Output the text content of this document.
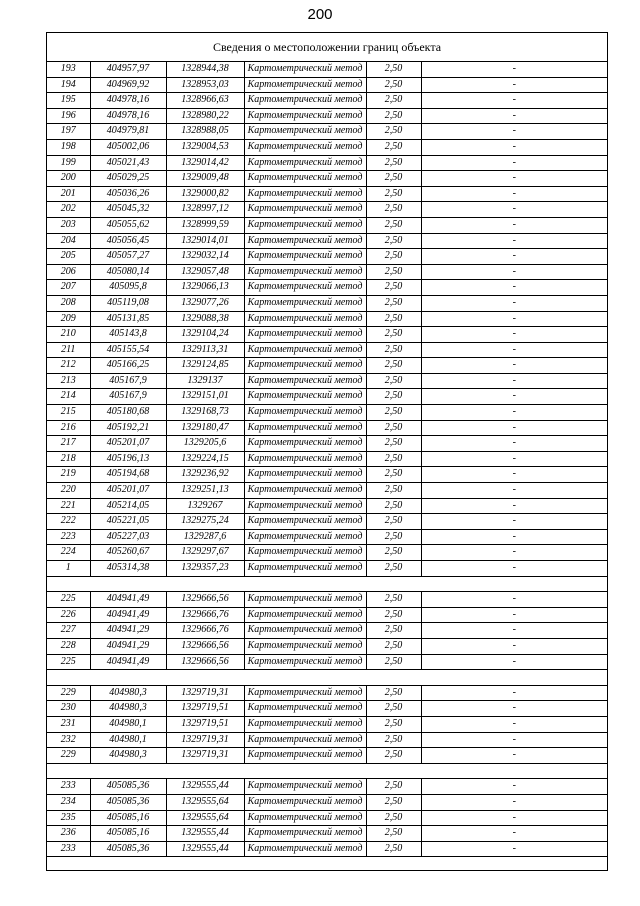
200
Сведения о местоположении границ объекта
193	404957,97	1328944,38	Картометрический метод	2,50	-
194	404969,92	1328953,03	Картометрический метод	2,50	-
195	404978,16	1328966,63	Картометрический метод	2,50	-
196	404978,16	1328980,22	Картометрический метод	2,50	-
197	404979,81	1328988,05	Картометрический метод	2,50	-
198	405002,06	1329004,53	Картометрический метод	2,50	-
199	405021,43	1329014,42	Картометрический метод	2,50	-
200	405029,25	1329009,48	Картометрический метод	2,50	-
201	405036,26	1329000,82	Картометрический метод	2,50	-
202	405045,32	1328997,12	Картометрический метод	2,50	-
203	405055,62	1328999,59	Картометрический метод	2,50	-
204	405056,45	1329014,01	Картометрический метод	2,50	-
205	405057,27	1329032,14	Картометрический метод	2,50	-
206	405080,14	1329057,48	Картометрический метод	2,50	-
207	405095,8	1329066,13	Картометрический метод	2,50	-
208	405119,08	1329077,26	Картометрический метод	2,50	-
209	405131,85	1329088,38	Картометрический метод	2,50	-
210	405143,8	1329104,24	Картометрический метод	2,50	-
211	405155,54	1329113,31	Картометрический метод	2,50	-
212	405166,25	1329124,85	Картометрический метод	2,50	-
213	405167,9	1329137	Картометрический метод	2,50	-
214	405167,9	1329151,01	Картометрический метод	2,50	-
215	405180,68	1329168,73	Картометрический метод	2,50	-
216	405192,21	1329180,47	Картометрический метод	2,50	-
217	405201,07	1329205,6	Картометрический метод	2,50	-
218	405196,13	1329224,15	Картометрический метод	2,50	-
219	405194,68	1329236,92	Картометрический метод	2,50	-
220	405201,07	1329251,13	Картометрический метод	2,50	-
221	405214,05	1329267	Картометрический метод	2,50	-
222	405221,05	1329275,24	Картометрический метод	2,50	-
223	405227,03	1329287,6	Картометрический метод	2,50	-
224	405260,67	1329297,67	Картометрический метод	2,50	-
1	405314,38	1329357,23	Картометрический метод	2,50	-

225	404941,49	1329666,56	Картометрический метод	2,50	-
226	404941,49	1329666,76	Картометрический метод	2,50	-
227	404941,29	1329666,76	Картометрический метод	2,50	-
228	404941,29	1329666,56	Картометрический метод	2,50	-
225	404941,49	1329666,56	Картометрический метод	2,50	-

229	404980,3	1329719,31	Картометрический метод	2,50	-
230	404980,3	1329719,51	Картометрический метод	2,50	-
231	404980,1	1329719,51	Картометрический метод	2,50	-
232	404980,1	1329719,31	Картометрический метод	2,50	-
229	404980,3	1329719,31	Картометрический метод	2,50	-

233	405085,36	1329555,44	Картометрический метод	2,50	-
234	405085,36	1329555,64	Картометрический метод	2,50	-
235	405085,16	1329555,64	Картометрический метод	2,50	-
236	405085,16	1329555,44	Картометрический метод	2,50	-
233	405085,36	1329555,44	Картометрический метод	2,50	-
